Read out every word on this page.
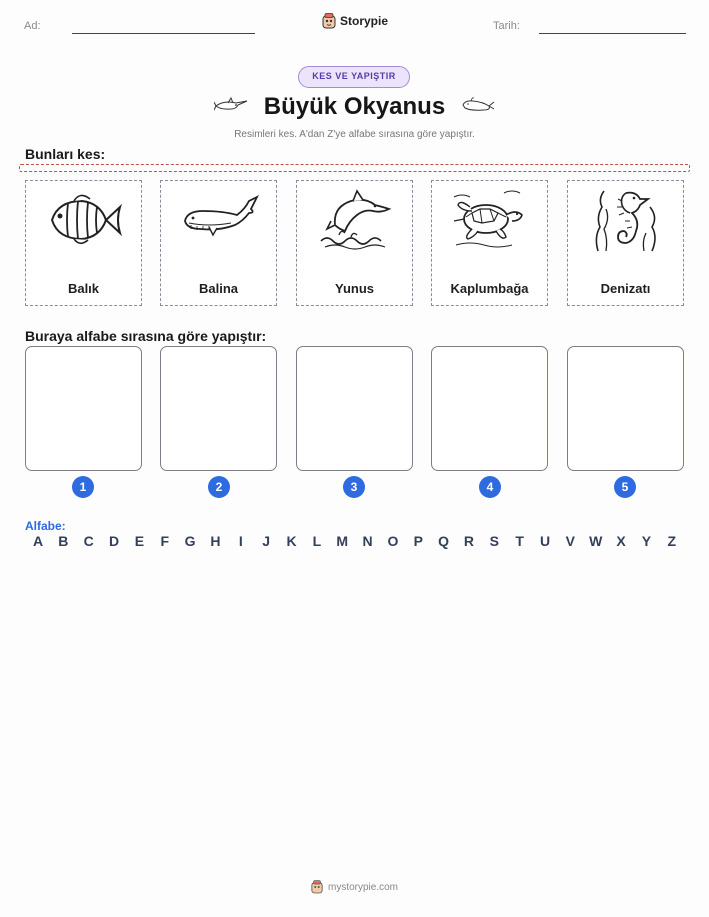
Ad:	Storypie	Tarih:
KES VE YAPIŞTIR
Büyük Okyanus
Resimleri kes. A'dan Z'ye alfabe sırasına göre yapıştır.
Bunları kes:
Balık	Balina	Yunus	Kaplumbağa	Denizatı
Buraya alfabe sırasına göre yapıştır:
1	2	3	4	5
Alfabe:
A	B	C	D	E	F	G	H	I	J	K	L	M	N	O	P	Q	R	S	T	U	V	W	X	Y	Z
mystorypie.com
